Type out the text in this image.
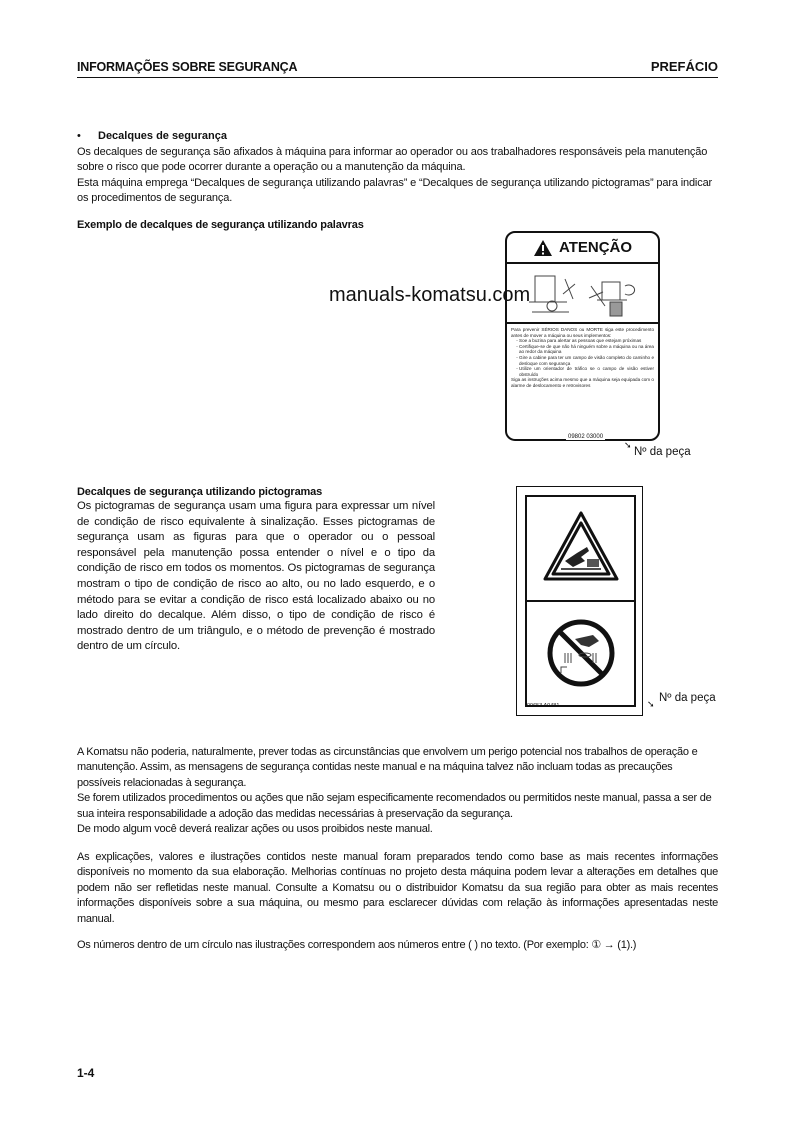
INFORMAÇÕES SOBRE SEGURANÇA	PREFÁCIO
• Decalques de segurança

Os decalques de segurança são afixados à máquina para informar ao operador ou aos trabalhadores responsáveis pela manutenção sobre o risco que pode ocorrer durante a operação ou a manutenção da máquina.

Esta máquina emprega “Decalques de segurança utilizando palavras” e “Decalques de segurança utilizando pictogramas” para indicar os procedimentos de segurança.

Exemplo de decalques de segurança utilizando palavras
ATENÇÃO
Para prevenir SÉRIOS DANOS ou MORTE siga este procedimento antes de mover a máquina ou seus implementos:
- Soe a buzina para alertar as pessoas que estejam próximas
- Certifique-se de que não há ninguém sobre a máquina ou na área ao redor da máquina
- Gire a cabine para ter um campo de visão completo do caminho e desloque com segurança
- Utilize um orientador de tráfico se o campo de visão estiver obstruído
Siga as instruções acima mesmo que a máquina seja equipada com o alarme de deslocamento e retrovisores
09802 03000
➘
Nº da peça
manuals-komatsu.com
Decalques de segurança utilizando pictogramas
Os pictogramas de segurança usam uma figura para expressar um nível de condição de risco equivalente à sinalização. Esses pictogramas de segurança usam as figuras para que o operador ou o pessoal responsável pela manutenção possa entender o nível e o tipo da condição de risco em todos os momentos. Os pictogramas de segurança mostram o tipo de condição de risco ao alto, ou no lado esquerdo, e o método para se evitar a condição de risco está localizado abaixo ou no lado direito do decalque. Além disso, o tipo de condição de risco é mostrado dentro de um triângulo, e o método de prevenção é mostrado dentro de um círculo.
09653 A0481	➘ Nº da peça

A Komatsu não poderia, naturalmente, prever todas as circunstâncias que envolvem um perigo potencial nos trabalhos de operação e manutenção. Assim, as mensagens de segurança contidas neste manual e na máquina talvez não incluam todas as precauções possíveis relacionadas à segurança.

Se forem utilizados procedimentos ou ações que não sejam especificamente recomendados ou permitidos neste manual, passa a ser de sua inteira responsabilidade a adoção das medidas necessárias à preservação da segurança.

De modo algum você deverá realizar ações ou usos proibidos neste manual.

As explicações, valores e ilustrações contidos neste manual foram preparados tendo como base as mais recentes informações disponíveis no momento da sua elaboração. Melhorias contínuas no projeto desta máquina podem levar a alterações em detalhes que podem não ser refletidas neste manual. Consulte a Komatsu ou o distribuidor Komatsu da sua região para obter as mais recentes informações disponíveis sobre a sua máquina, ou mesmo para esclarecer dúvidas com relação às informações apresentadas neste manual.
Os números dentro de um círculo nas ilustrações correspondem aos números entre ( ) no texto. (Por exemplo: ① → (1).)
1-4
